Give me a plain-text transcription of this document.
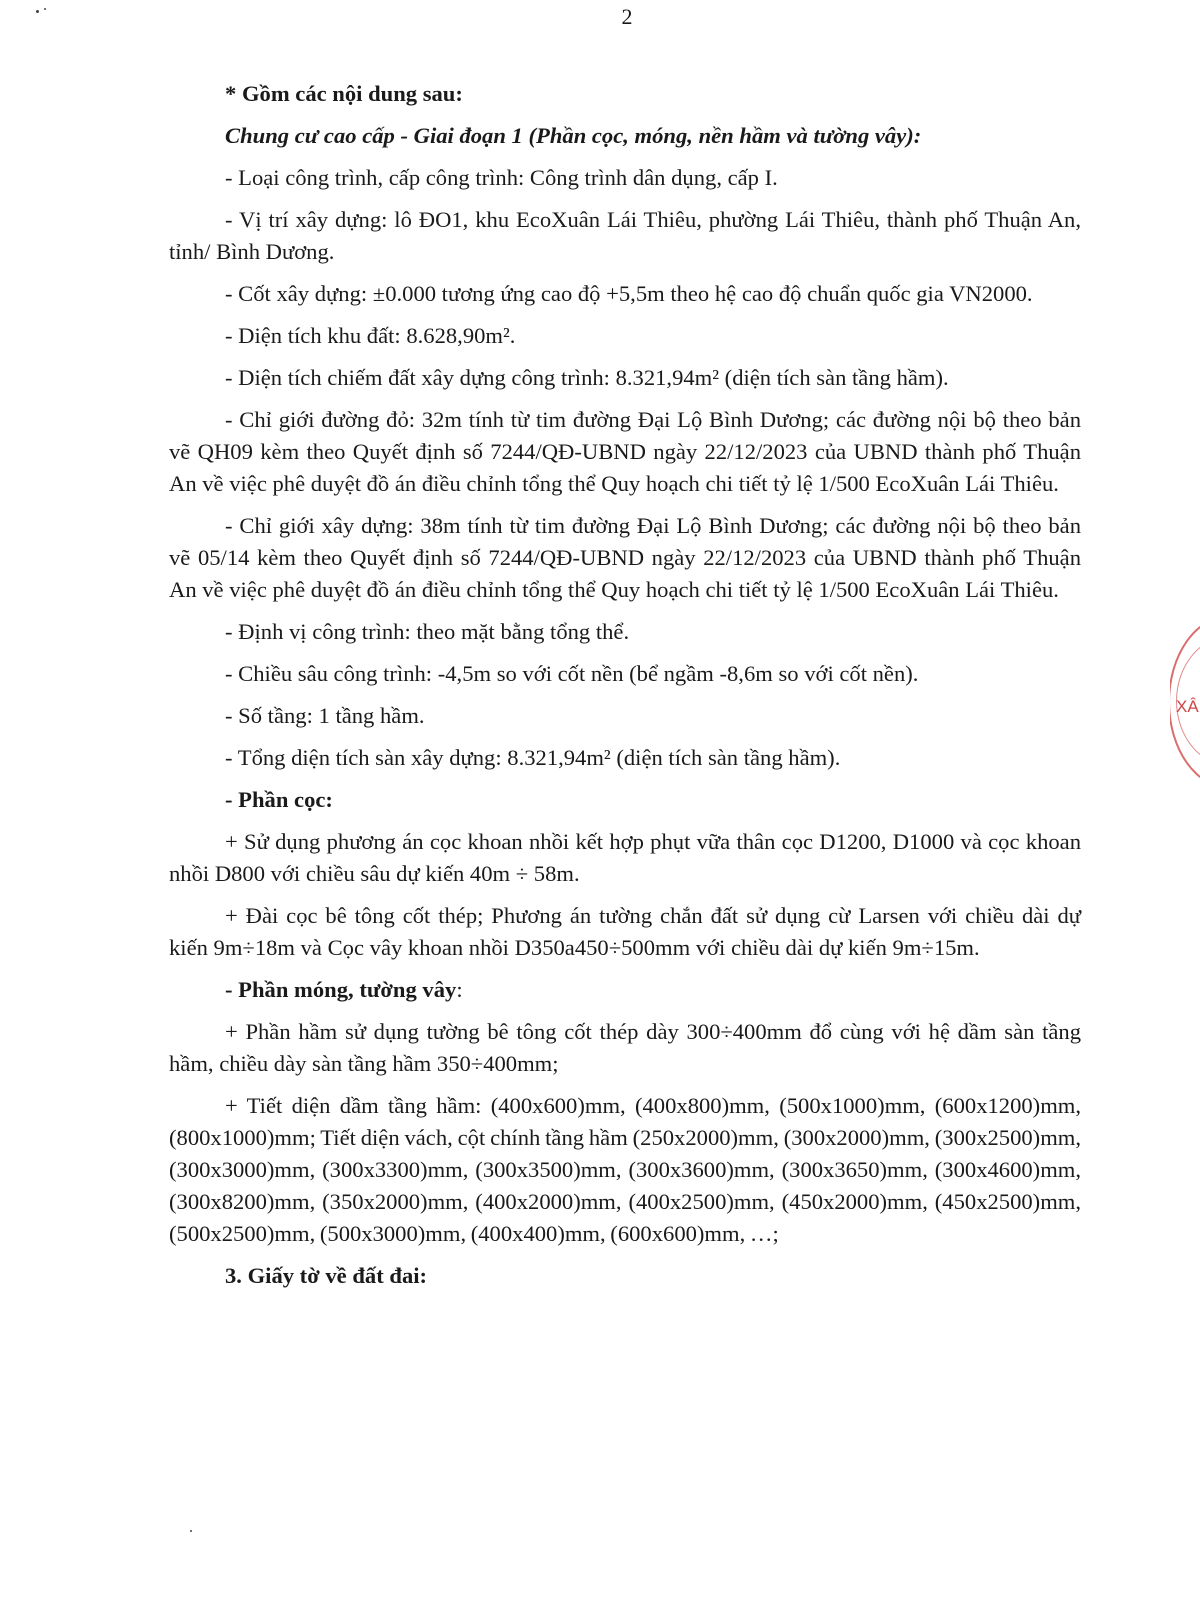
2

* Gồm các nội dung sau:

Chung cư cao cấp - Giai đoạn 1 (Phần cọc, móng, nền hầm và tường vây):

- Loại công trình, cấp công trình: Công trình dân dụng, cấp I.

- Vị trí xây dựng: lô ĐO1, khu EcoXuân Lái Thiêu, phường Lái Thiêu, thành phố Thuận An, tỉnh/ Bình Dương.

- Cốt xây dựng: ±0.000 tương ứng cao độ +5,5m theo hệ cao độ chuẩn quốc gia VN2000.

- Diện tích khu đất: 8.628,90m².

- Diện tích chiếm đất xây dựng công trình: 8.321,94m² (diện tích sàn tầng hầm).

- Chỉ giới đường đỏ: 32m tính từ tim đường Đại Lộ Bình Dương; các đường nội bộ theo bản vẽ QH09 kèm theo Quyết định số 7244/QĐ-UBND ngày 22/12/2023 của UBND thành phố Thuận An về việc phê duyệt đồ án điều chỉnh tổng thể Quy hoạch chi tiết tỷ lệ 1/500 EcoXuân Lái Thiêu.

- Chỉ giới xây dựng: 38m tính từ tim đường Đại Lộ Bình Dương; các đường nội bộ theo bản vẽ 05/14 kèm theo Quyết định số 7244/QĐ-UBND ngày 22/12/2023 của UBND thành phố Thuận An về việc phê duyệt đồ án điều chỉnh tổng thể Quy hoạch chi tiết tỷ lệ 1/500 EcoXuân Lái Thiêu.

- Định vị công trình: theo mặt bằng tổng thể.

- Chiều sâu công trình: -4,5m so với cốt nền (bể ngầm -8,6m so với cốt nền).

- Số tầng: 1 tầng hầm.

- Tổng diện tích sàn xây dựng: 8.321,94m² (diện tích sàn tầng hầm).

- Phần cọc:

+ Sử dụng phương án cọc khoan nhồi kết hợp phụt vữa thân cọc D1200, D1000 và cọc khoan nhồi D800 với chiều sâu dự kiến 40m ÷ 58m.

+ Đài cọc bê tông cốt thép; Phương án tường chắn đất sử dụng cừ Larsen với chiều dài dự kiến 9m÷18m và Cọc vây khoan nhồi D350a450÷500mm với chiều dài dự kiến 9m÷15m.

- Phần móng, tường vây:

+ Phần hầm sử dụng tường bê tông cốt thép dày 300÷400mm đổ cùng với hệ dầm sàn tầng hầm, chiều dày sàn tầng hầm 350÷400mm;

+ Tiết diện dầm tầng hầm: (400x600)mm, (400x800)mm, (500x1000)mm, (600x1200)mm, (800x1000)mm; Tiết diện vách, cột chính tầng hầm (250x2000)mm, (300x2000)mm, (300x2500)mm, (300x3000)mm, (300x3300)mm, (300x3500)mm, (300x3600)mm, (300x3650)mm, (300x4600)mm, (300x8200)mm, (350x2000)mm, (400x2000)mm, (400x2500)mm, (450x2000)mm, (450x2500)mm, (500x2500)mm, (500x3000)mm, (400x400)mm, (600x600)mm, …;

3. Giấy tờ về đất đai:

XÂ
